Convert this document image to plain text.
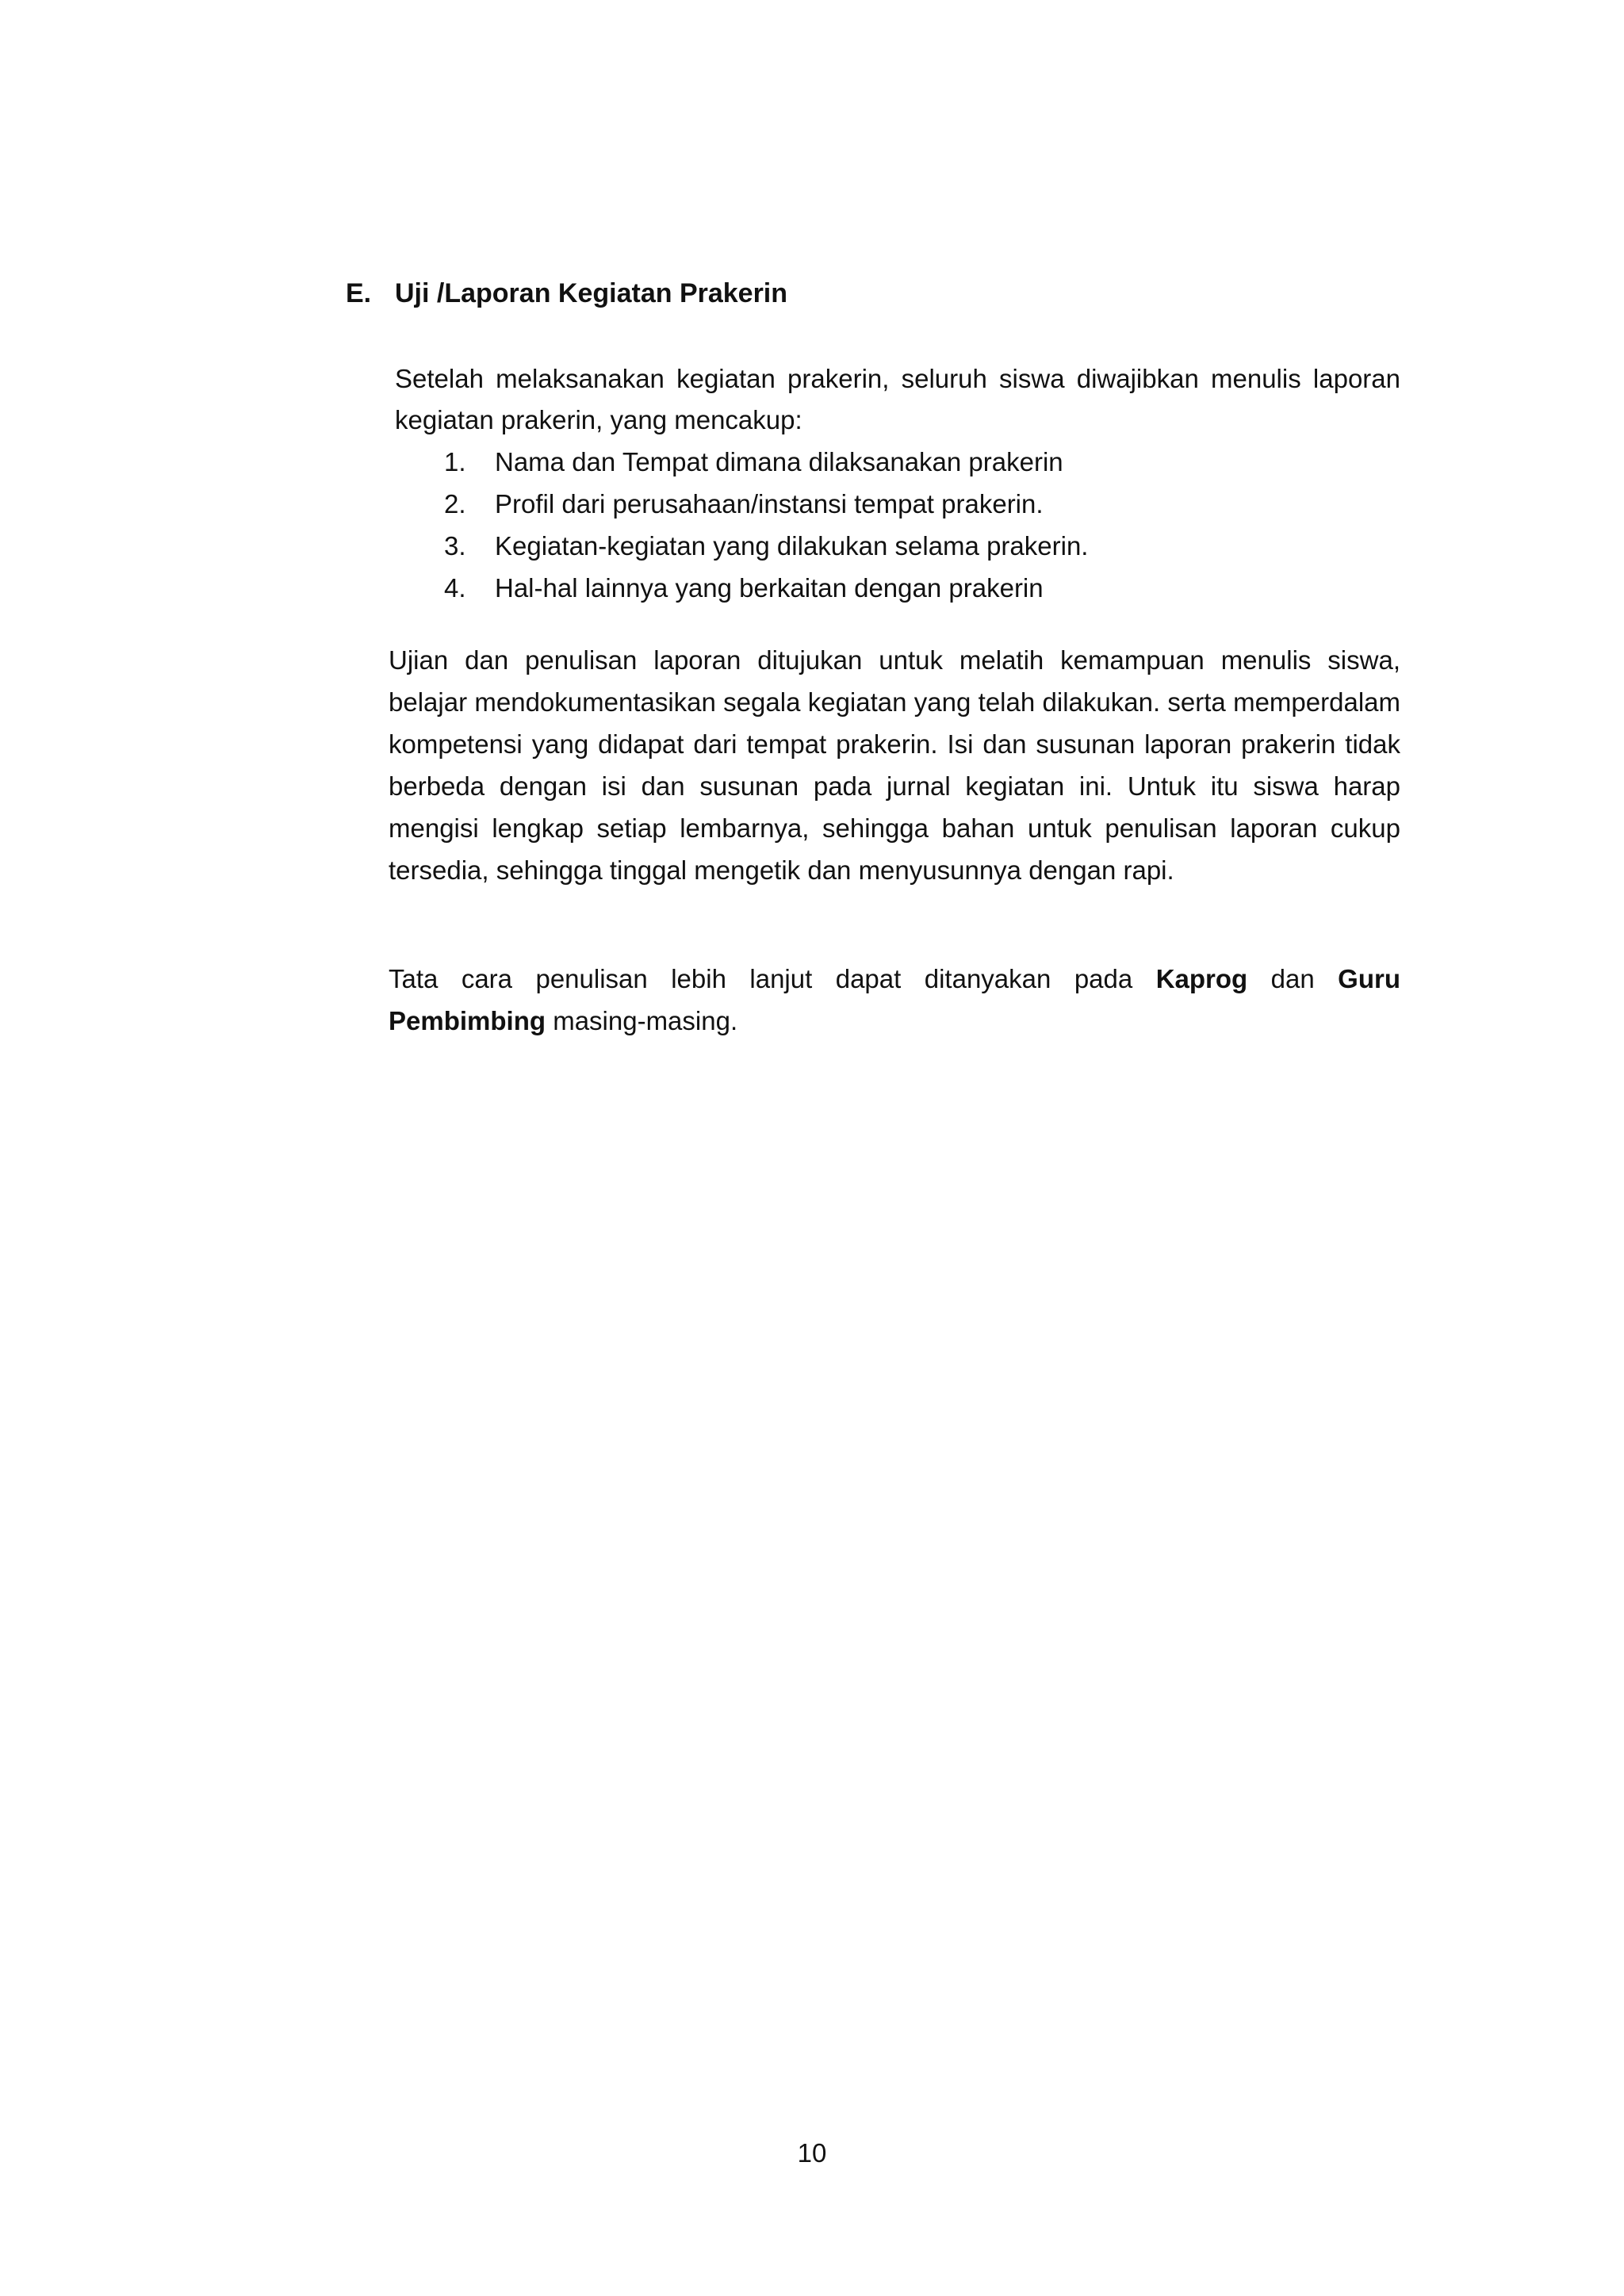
E. Uji /Laporan Kegiatan Prakerin

Setelah melaksanakan kegiatan prakerin, seluruh siswa diwajibkan menulis laporan kegiatan prakerin, yang mencakup:

1. Nama dan Tempat dimana dilaksanakan prakerin
2. Profil dari perusahaan/instansi tempat prakerin.
3. Kegiatan-kegiatan yang dilakukan selama prakerin.
4. Hal-hal lainnya yang berkaitan dengan prakerin

Ujian dan penulisan laporan ditujukan untuk melatih kemampuan menulis siswa, belajar mendokumentasikan segala kegiatan yang telah dilakukan. serta memperdalam kompetensi yang didapat dari tempat prakerin. Isi dan susunan laporan prakerin tidak berbeda dengan isi dan susunan pada jurnal kegiatan ini. Untuk itu siswa harap mengisi lengkap setiap lembarnya, sehingga bahan untuk penulisan laporan cukup tersedia, sehingga tinggal mengetik dan menyusunnya dengan rapi.

Tata cara penulisan lebih lanjut dapat ditanyakan pada Kaprog dan Guru Pembimbing masing-masing.

10
